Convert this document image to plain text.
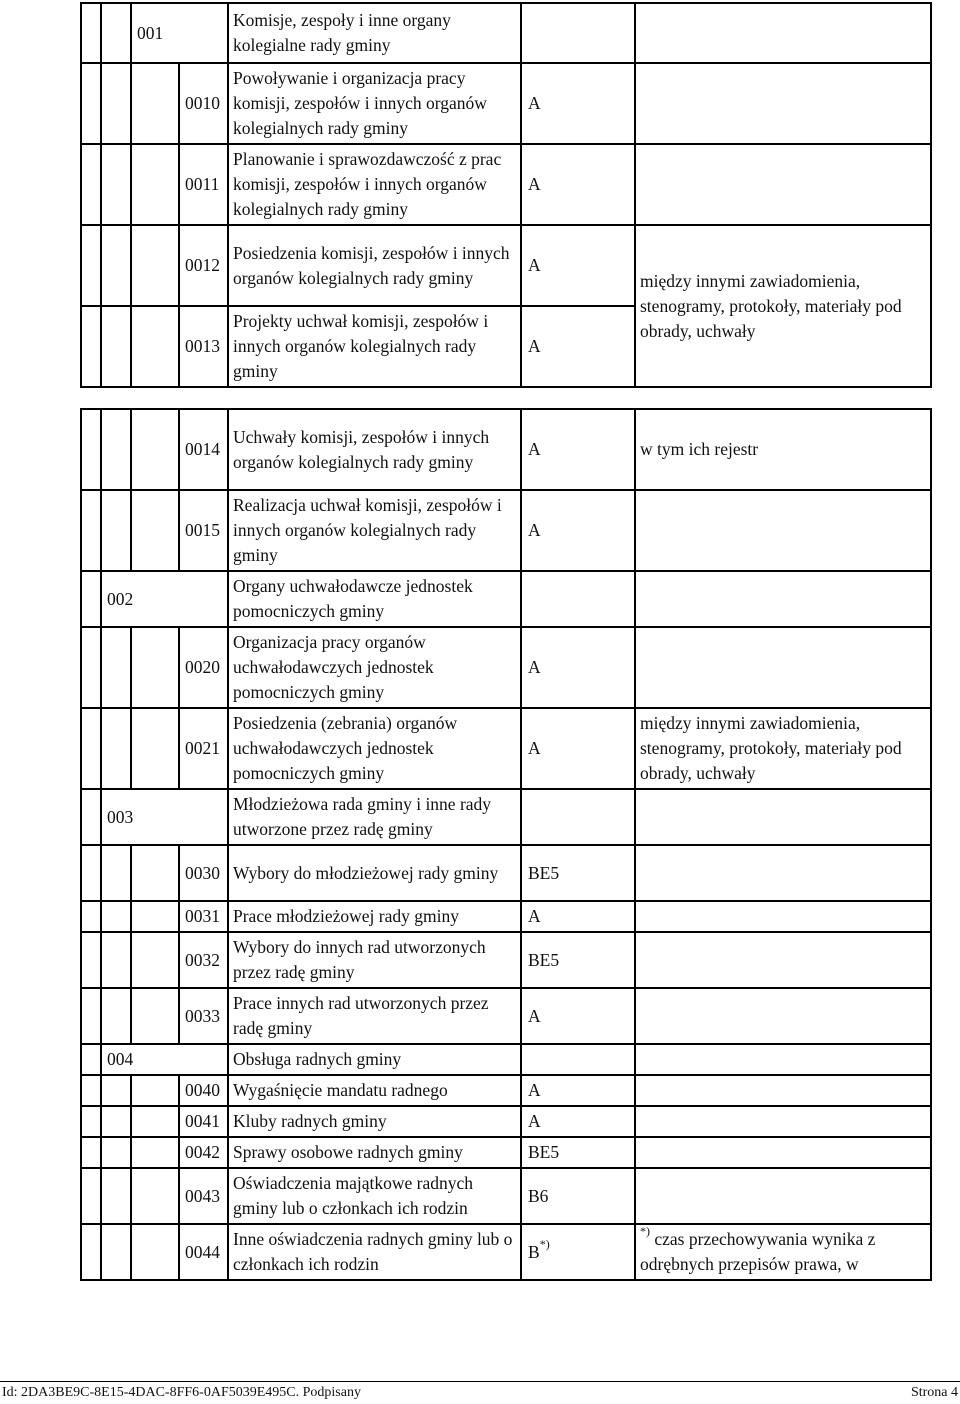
		001		Komisje, zespoły i inne organy kolegialne rady gminy		
			0010	Powoływanie i organizacja pracy komisji, zespołów i innych organów kolegialnych rady gminy	A	
			0011	Planowanie i sprawozdawczość z prac komisji, zespołów i innych organów kolegialnych rady gminy	A	
			0012	Posiedzenia komisji, zespołów i innych organów kolegialnych rady gminy	A	między innymi zawiadomienia, stenogramy, protokoły, materiały pod obrady, uchwały
			0013	Projekty uchwał komisji, zespołów i innych organów kolegialnych rady gminy	A	
			0014	Uchwały komisji, zespołów i innych organów kolegialnych rady gminy	A	w tym ich rejestr
			0015	Realizacja uchwał komisji, zespołów i innych organów kolegialnych rady gminy	A	
	002			Organy uchwałodawcze jednostek pomocniczych gminy		
			0020	Organizacja pracy organów uchwałodawczych jednostek pomocniczych gminy	A	
			0021	Posiedzenia (zebrania) organów uchwałodawczych jednostek pomocniczych gminy	A	między innymi zawiadomienia, stenogramy, protokoły, materiały pod obrady, uchwały
	003			Młodzieżowa rada gminy i inne rady utworzone przez radę gminy		
			0030	Wybory do młodzieżowej rady gminy	BE5	
			0031	Prace młodzieżowej rady gminy	A	
			0032	Wybory do innych rad utworzonych przez radę gminy	BE5	
			0033	Prace innych rad utworzonych przez radę gminy	A	
	004			Obsługa radnych gminy		
			0040	Wygaśnięcie mandatu radnego	A	
			0041	Kluby radnych gminy	A	
			0042	Sprawy osobowe radnych gminy	BE5	
			0043	Oświadczenia majątkowe radnych gminy lub o członkach ich rodzin	B6	
			0044	Inne oświadczenia radnych gminy lub o członkach ich rodzin	B*)	*) czas przechowywania wynika z odrębnych przepisów prawa, w
Id: 2DA3BE9C-8E15-4DAC-8FF6-0AF5039E495C. Podpisany	Strona 4
